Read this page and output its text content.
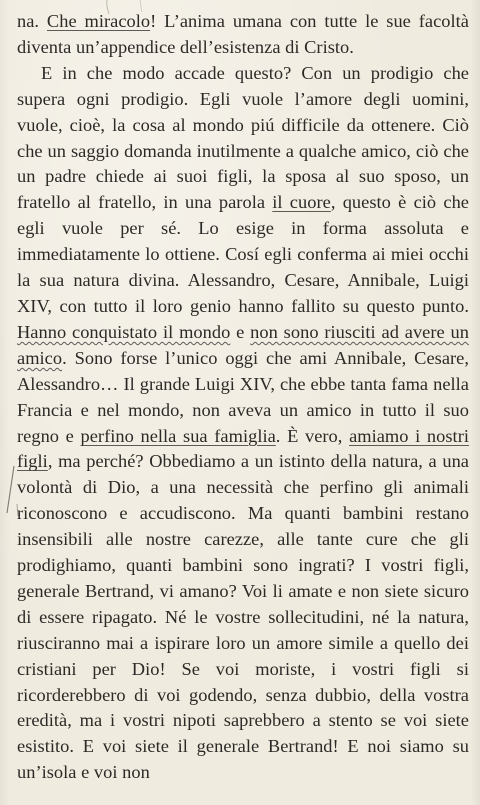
na. Che miracolo! L’anima umana con tutte le sue facoltà diventa un’appendice dell’esistenza di Cristo.

E in che modo accade questo? Con un prodigio che supera ogni prodigio. Egli vuole l’amore degli uomini, vuole, cioè, la cosa al mondo piú difficile da ottenere. Ciò che un saggio domanda inutilmente a qualche amico, ciò che un padre chiede ai suoi figli, la sposa al suo sposo, un fratello al fratello, in una parola il cuore, questo è ciò che egli vuole per sé. Lo esige in forma assoluta e immediatamente lo ottiene. Cosí egli conferma ai miei occhi la sua natura divina. Alessandro, Cesare, Annibale, Luigi XIV, con tutto il loro genio hanno fallito su questo punto. Hanno conquistato il mondo e non sono riusciti ad avere un amico. Sono forse l’unico oggi che ami Annibale, Cesare, Alessandro… Il grande Luigi XIV, che ebbe tanta fama nella Francia e nel mondo, non aveva un amico in tutto il suo regno e perfino nella sua famiglia. È vero, amiamo i nostri figli, ma perché? Obbediamo a un istinto della natura, a una volontà di Dio, a una necessità che perfino gli animali riconoscono e accudiscono. Ma quanti bambini restano insensibili alle nostre carezze, alle tante cure che gli prodighiamo, quanti bambini sono ingrati? I vostri figli, generale Bertrand, vi amano? Voi li amate e non siete sicuro di essere ripagato. Né le vostre sollecitudini, né la natura, riusciranno mai a ispirare loro un amore simile a quello dei cristiani per Dio! Se voi moriste, i vostri figli si ricorderebbero di voi godendo, senza dubbio, della vostra eredità, ma i vostri nipoti saprebbero a stento se voi siete esistito. E voi siete il generale Bertrand! E noi siamo su un’isola e voi non
